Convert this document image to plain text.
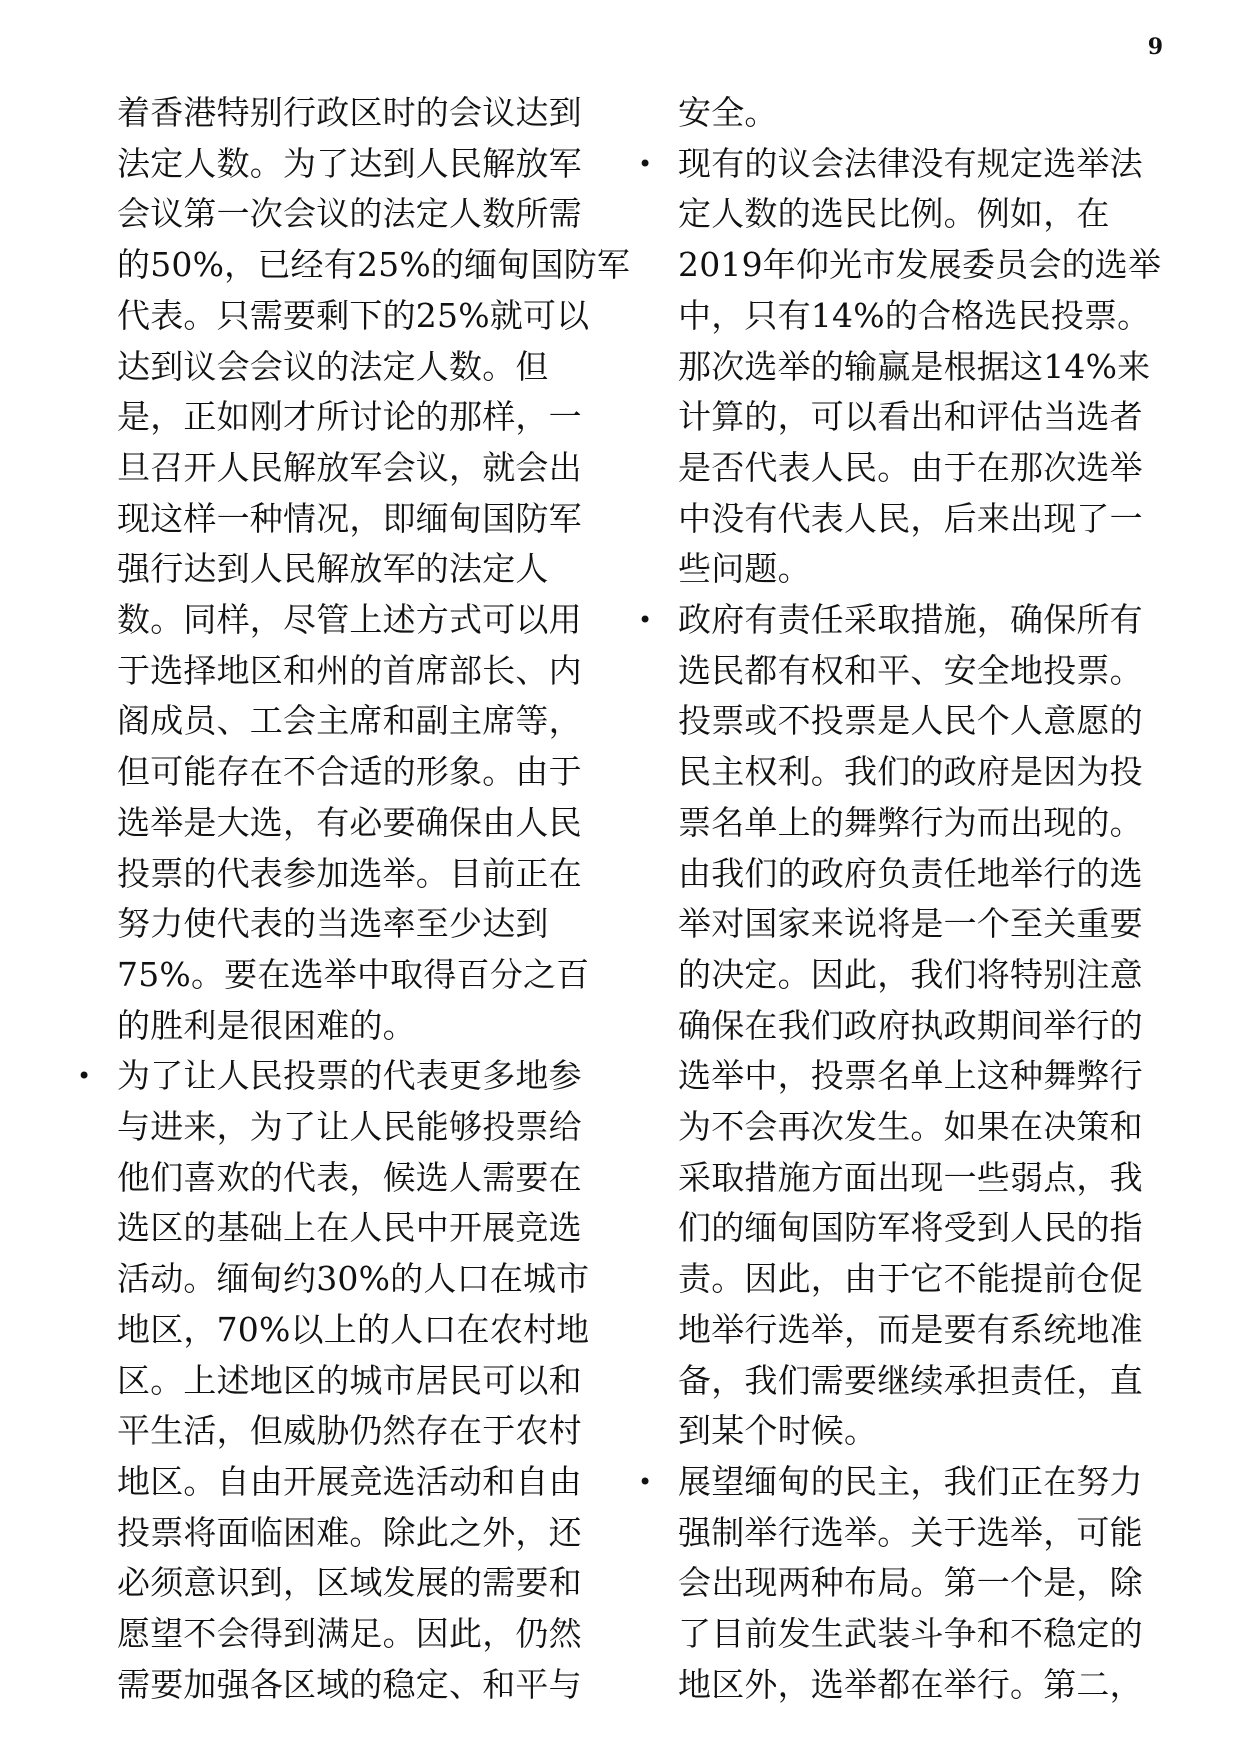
9
着香港特别行政区时的会议达到
法定人数。为了达到人民解放军
会议第一次会议的法定人数所需
的50%，已经有25%的缅甸国防军
代表。只需要剩下的25%就可以
达到议会会议的法定人数。但
是，正如刚才所讨论的那样，一
旦召开人民解放军会议，就会出
现这样一种情况，即缅甸国防军
强行达到人民解放军的法定人
数。同样，尽管上述方式可以用
于选择地区和州的首席部长、内
阁成员、工会主席和副主席等，
但可能存在不合适的形象。由于
选举是大选，有必要确保由人民
投票的代表参加选举。目前正在
努力使代表的当选率至少达到
75%。要在选举中取得百分之百
的胜利是很困难的。
• 为了让人民投票的代表更多地参
与进来，为了让人民能够投票给
他们喜欢的代表，候选人需要在
选区的基础上在人民中开展竞选
活动。缅甸约30%的人口在城市
地区，70%以上的人口在农村地
区。上述地区的城市居民可以和
平生活，但威胁仍然存在于农村
地区。自由开展竞选活动和自由
投票将面临困难。除此之外，还
必须意识到，区域发展的需要和
愿望不会得到满足。因此，仍然
需要加强各区域的稳定、和平与
安全。
• 现有的议会法律没有规定选举法
定人数的选民比例。例如，在
2019年仰光市发展委员会的选举
中，只有14%的合格选民投票。
那次选举的输赢是根据这14%来
计算的，可以看出和评估当选者
是否代表人民。由于在那次选举
中没有代表人民，后来出现了一
些问题。
• 政府有责任采取措施，确保所有
选民都有权和平、安全地投票。
投票或不投票是人民个人意愿的
民主权利。我们的政府是因为投
票名单上的舞弊行为而出现的。
由我们的政府负责任地举行的选
举对国家来说将是一个至关重要
的决定。因此，我们将特别注意
确保在我们政府执政期间举行的
选举中，投票名单上这种舞弊行
为不会再次发生。如果在决策和
采取措施方面出现一些弱点，我
们的缅甸国防军将受到人民的指
责。因此，由于它不能提前仓促
地举行选举，而是要有系统地准
备，我们需要继续承担责任，直
到某个时候。
• 展望缅甸的民主，我们正在努力
强制举行选举。关于选举，可能
会出现两种布局。第一个是，除
了目前发生武装斗争和不稳定的
地区外，选举都在举行。第二，
